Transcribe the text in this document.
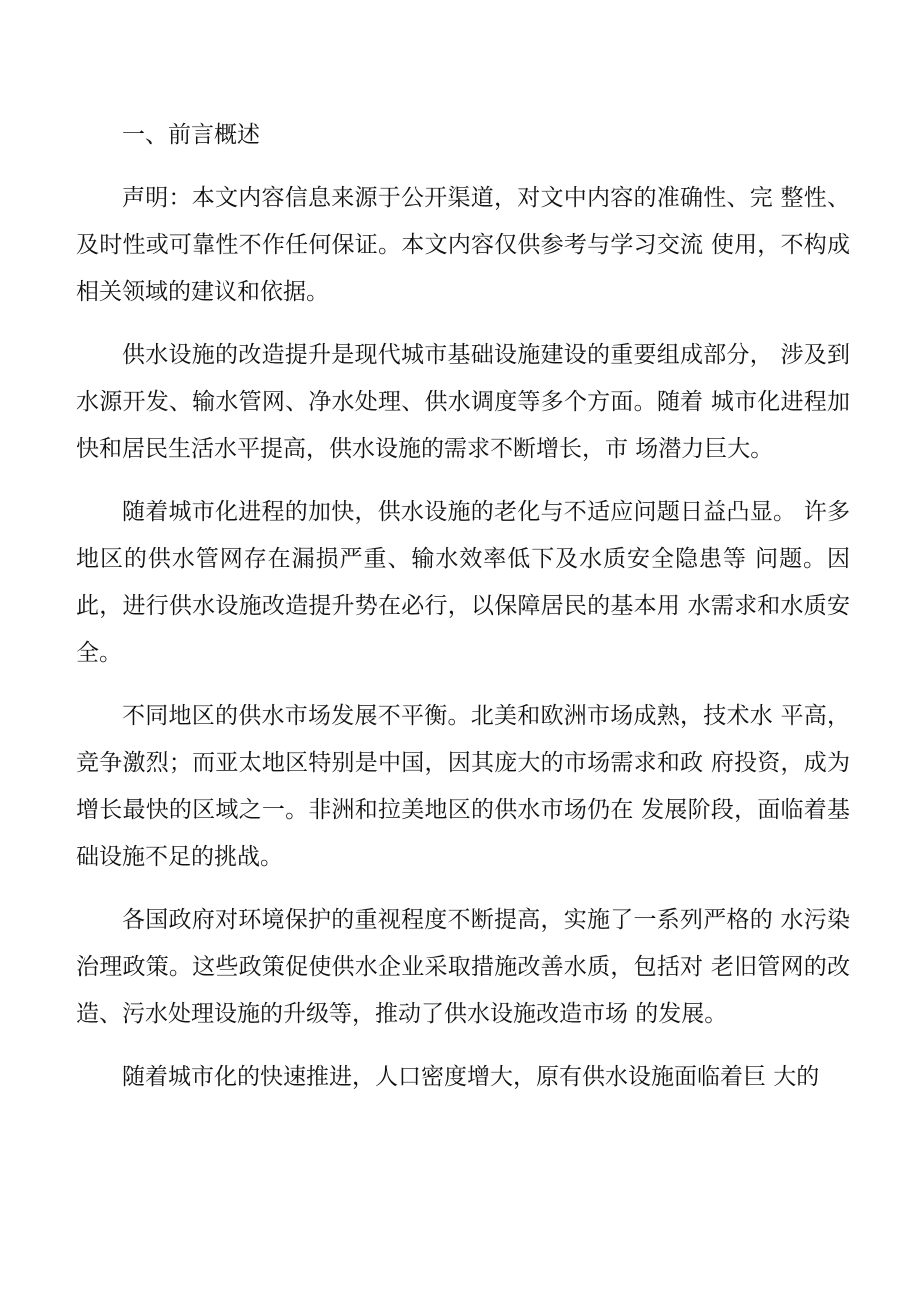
一、前言概述

声明：本文内容信息来源于公开渠道，对文中内容的准确性、完 整性、及时性或可靠性不作任何保证。本文内容仅供参考与学习交流 使用，不构成相关领域的建议和依据。

供水设施的改造提升是现代城市基础设施建设的重要组成部分， 涉及到水源开发、输水管网、净水处理、供水调度等多个方面。随着 城市化进程加快和居民生活水平提高，供水设施的需求不断增长，市 场潜力巨大。

随着城市化进程的加快，供水设施的老化与不适应问题日益凸显。 许多地区的供水管网存在漏损严重、输水效率低下及水质安全隐患等 问题。因此，进行供水设施改造提升势在必行，以保障居民的基本用 水需求和水质安全。

不同地区的供水市场发展不平衡。北美和欧洲市场成熟，技术水 平高，竞争激烈；而亚太地区特别是中国，因其庞大的市场需求和政 府投资，成为增长最快的区域之一。非洲和拉美地区的供水市场仍在 发展阶段，面临着基础设施不足的挑战。

各国政府对环境保护的重视程度不断提高，实施了一系列严格的 水污染治理政策。这些政策促使供水企业采取措施改善水质，包括对 老旧管网的改造、污水处理设施的升级等，推动了供水设施改造市场 的发展。

随着城市化的快速推进，人口密度增大，原有供水设施面临着巨 大的
